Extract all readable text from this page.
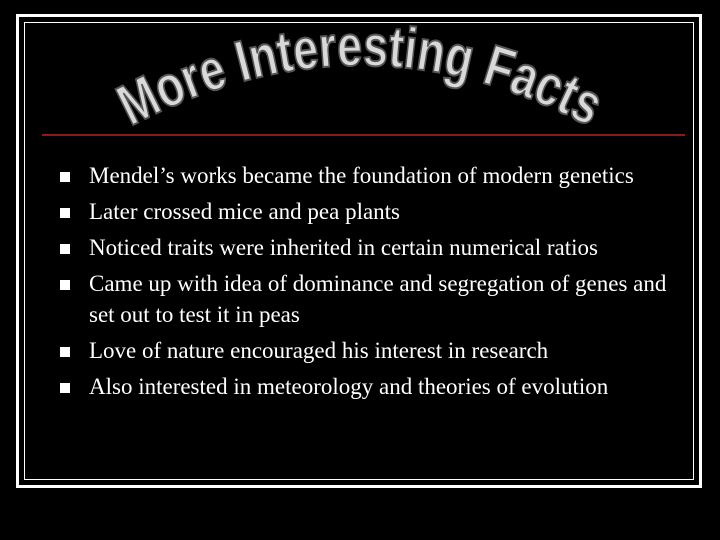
More Interesting Facts
Mendel’s works became the foundation of modern genetics
Later crossed mice and pea plants
Noticed traits were inherited in certain numerical ratios
Came up with idea of dominance and segregation of genes and set out to test it in peas
Love of nature encouraged his interest in research
Also interested in meteorology and theories of evolution
